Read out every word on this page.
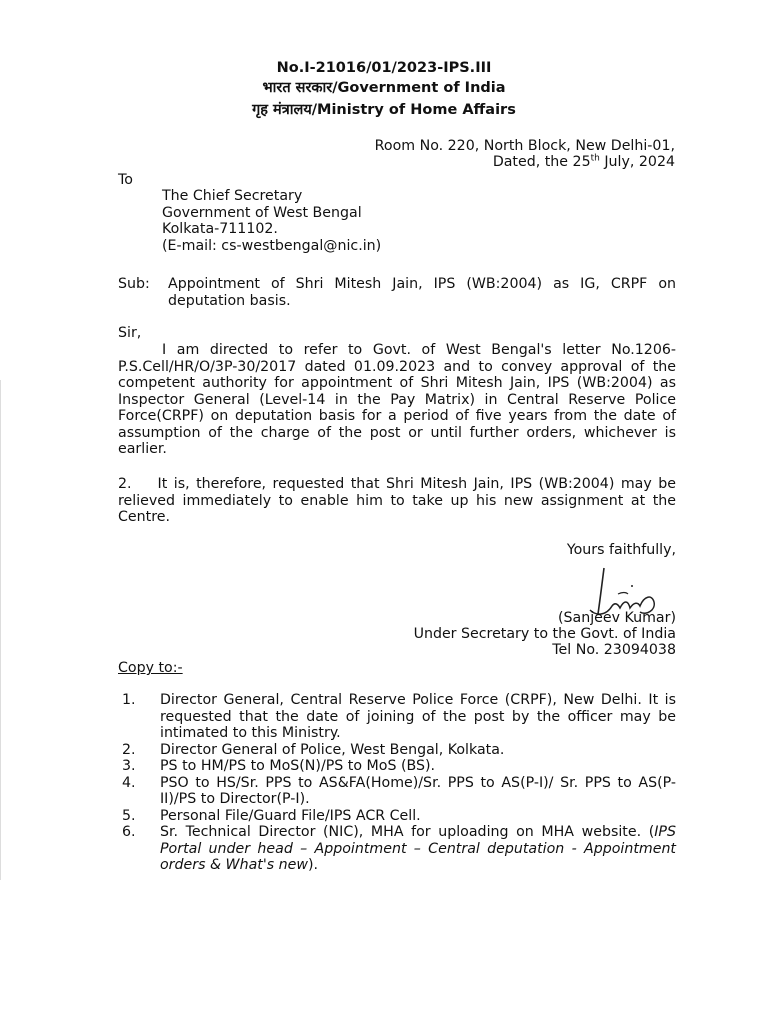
No.I-21016/01/2023-IPS.III
भारत सरकार/Government of India
गृह मंत्रालय/Ministry of Home Affairs
Room No. 220, North Block, New Delhi-01,
Dated, the 25th July, 2024
To
The Chief Secretary
Government of West Bengal
Kolkata-711102.
(E-mail: cs-westbengal@nic.in)
Sub: Appointment of Shri Mitesh Jain, IPS (WB:2004) as IG, CRPF on deputation basis.
Sir,
I am directed to refer to Govt. of West Bengal's letter No.1206-P.S.Cell/HR/O/3P-30/2017 dated 01.09.2023 and to convey approval of the competent authority for appointment of Shri Mitesh Jain, IPS (WB:2004) as Inspector General (Level-14 in the Pay Matrix) in Central Reserve Police Force(CRPF) on deputation basis for a period of five years from the date of assumption of the charge of the post or until further orders, whichever is earlier.
2. It is, therefore, requested that Shri Mitesh Jain, IPS (WB:2004) may be relieved immediately to enable him to take up his new assignment at the Centre.
Yours faithfully,
(Sanjeev Kumar)
Under Secretary to the Govt. of India
Tel No. 23094038
Copy to:-
1. Director General, Central Reserve Police Force (CRPF), New Delhi. It is requested that the date of joining of the post by the officer may be intimated to this Ministry.
2. Director General of Police, West Bengal, Kolkata.
3. PS to HM/PS to MoS(N)/PS to MoS (BS).
4. PSO to HS/Sr. PPS to AS&FA(Home)/Sr. PPS to AS(P-I)/ Sr. PPS to AS(P-II)/PS to Director(P-I).
5. Personal File/Guard File/IPS ACR Cell.
6. Sr. Technical Director (NIC), MHA for uploading on MHA website. (IPS Portal under head – Appointment – Central deputation - Appointment orders & What's new).
